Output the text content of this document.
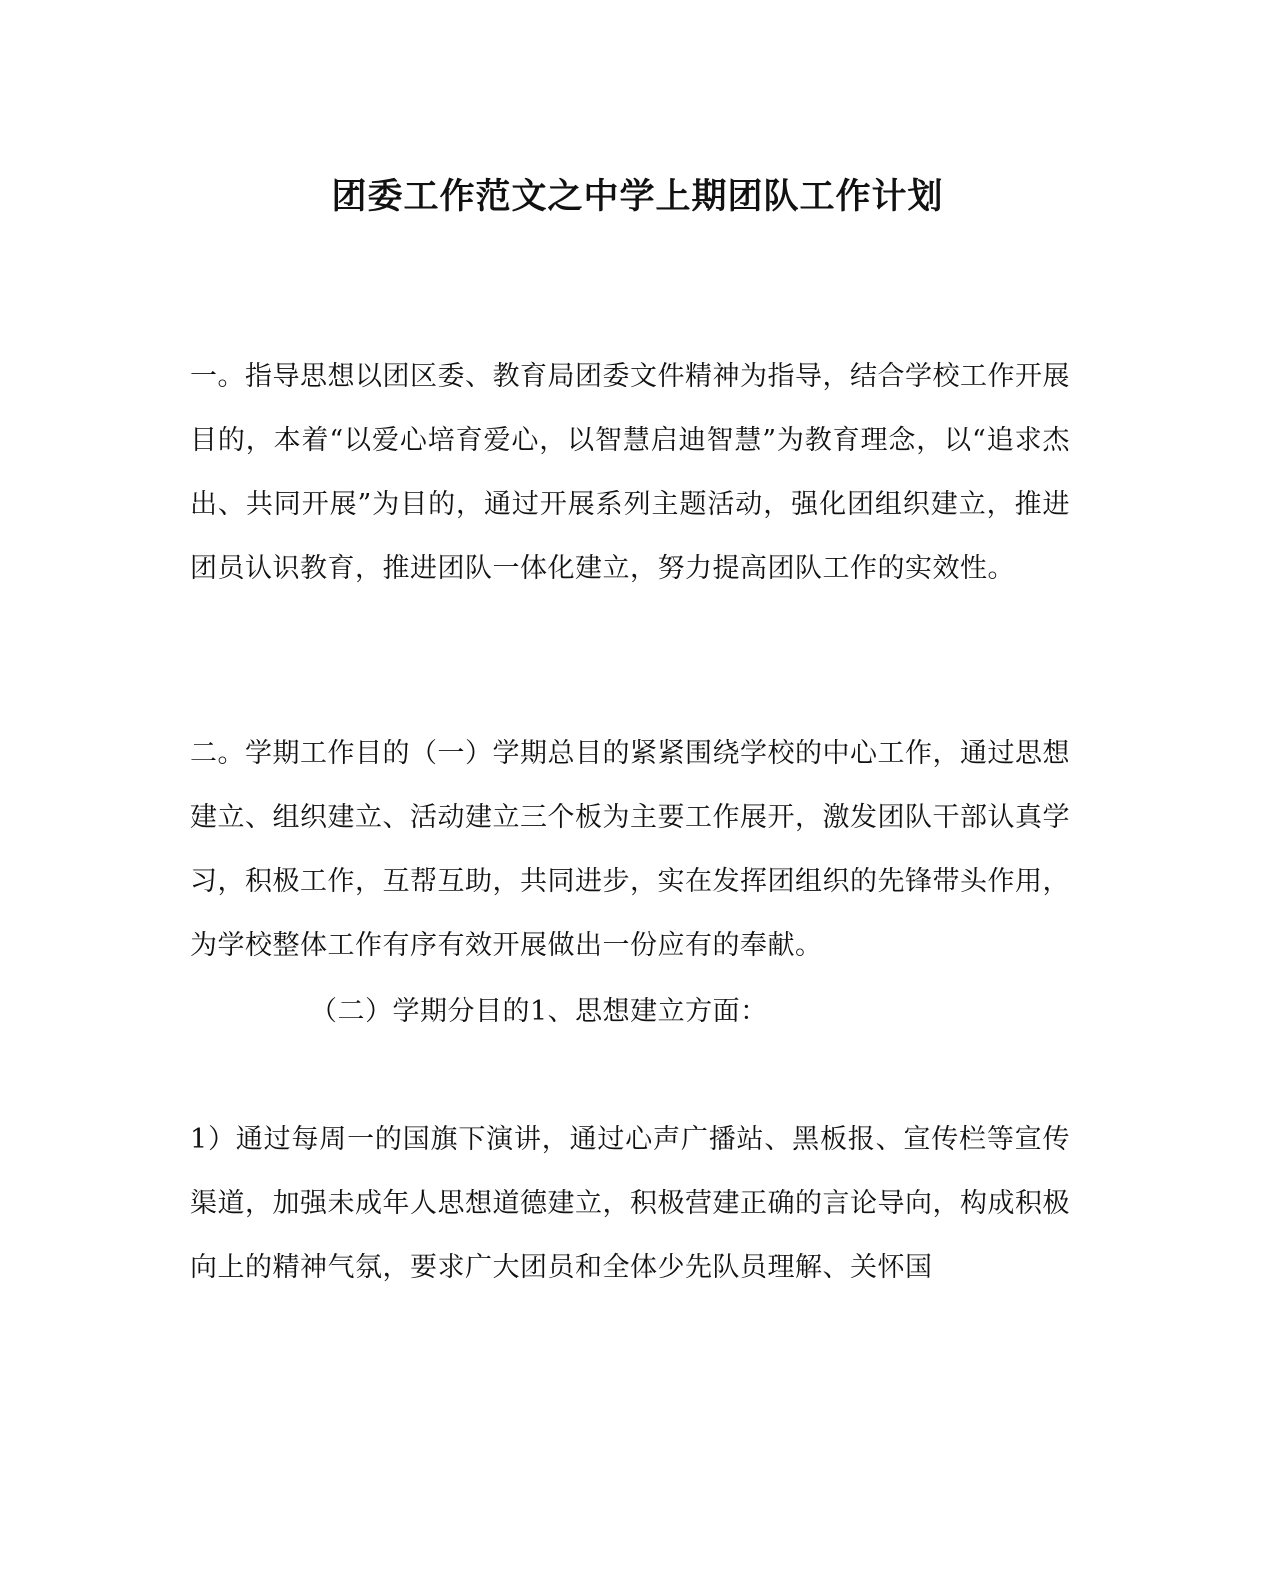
团委工作范文之中学上期团队工作计划

一。指导思想以团区委、教育局团委文件精神为指导，结合学校工作开展目的，本着“以爱心培育爱心，以智慧启迪智慧”为教育理念，以“追求杰出、共同开展”为目的，通过开展系列主题活动，强化团组织建立，推进团员认识教育，推进团队一体化建立，努力提高团队工作的实效性。

二。学期工作目的（一）学期总目的紧紧围绕学校的中心工作，通过思想建立、组织建立、活动建立三个板为主要工作展开，激发团队干部认真学习，积极工作，互帮互助，共同进步，实在发挥团组织的先锋带头作用，为学校整体工作有序有效开展做出一份应有的奉献。

（二）学期分目的1、思想建立方面：

1）通过每周一的国旗下演讲，通过心声广播站、黑板报、宣传栏等宣传渠道，加强未成年人思想道德建立，积极营建正确的言论导向，构成积极向上的精神气氛，要求广大团员和全体少先队员理解、关怀国
